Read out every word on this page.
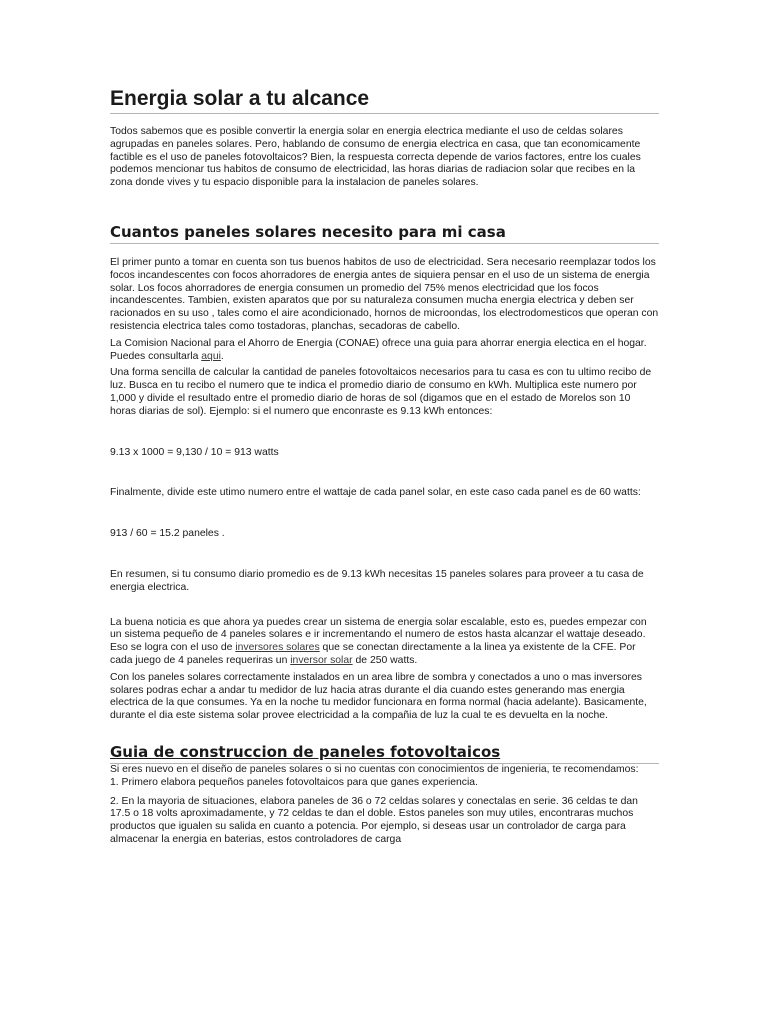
Energia solar a tu alcance

Todos sabemos que es posible convertir la energia solar en energia electrica mediante el uso de celdas solares agrupadas en paneles solares. Pero, hablando de consumo de energia electrica en casa, que tan economicamente factible es el uso de paneles fotovoltaicos? Bien, la respuesta correcta depende de varios factores, entre los cuales podemos mencionar tus habitos de consumo de electricidad, las horas diarias de radiacion solar que recibes en la zona donde vives y tu espacio disponible para la instalacion de paneles solares.

Cuantos paneles solares necesito para mi casa

El primer punto a tomar en cuenta son tus buenos habitos de uso de electricidad. Sera necesario reemplazar todos los focos incandescentes con focos ahorradores de energia antes de siquiera pensar en el uso de un sistema de energia solar. Los focos ahorradores de energia consumen un promedio del 75% menos electricidad que los focos incandescentes. Tambien, existen aparatos que por su naturaleza consumen mucha energia electrica y deben ser racionados en su uso , tales como el aire acondicionado, hornos de microondas, los electrodomesticos que operan con resistencia electrica tales como tostadoras, planchas, secadoras de cabello.

La Comision Nacional para el Ahorro de Energia (CONAE) ofrece una guia para ahorrar energia electica en el hogar. Puedes consultarla aqui.

Una forma sencilla de calcular la cantidad de paneles fotovoltaicos necesarios para tu casa es con tu ultimo recibo de luz. Busca en tu recibo el numero que te indica el promedio diario de consumo en kWh. Multiplica este numero por 1,000 y divide el resultado entre el promedio diario de horas de sol (digamos que en el estado de Morelos son 10 horas diarias de sol). Ejemplo: si el numero que enconraste es 9.13 kWh entonces:

9.13 x 1000 = 9,130 / 10 = 913 watts

Finalmente, divide este utimo numero entre el wattaje de cada panel solar, en este caso cada panel es de 60 watts:

913 / 60 = 15.2 paneles .

En resumen, si tu consumo diario promedio es de 9.13 kWh necesitas 15 paneles solares para proveer a tu casa de energia electrica.

La buena noticia es que ahora ya puedes crear un sistema de energia solar escalable, esto es, puedes empezar con un sistema pequeño de 4 paneles solares e ir incrementando el numero de estos hasta alcanzar el wattaje deseado. Eso se logra con el uso de inversores solares que se conectan directamente a la linea ya existente de la CFE. Por cada juego de 4 paneles requeriras un inversor solar de 250 watts.

Con los paneles solares correctamente instalados en un area libre de sombra y conectados a uno o mas inversores solares podras echar a andar tu medidor de luz hacia atras durante el dia cuando estes generando mas energia electrica de la que consumes. Ya en la noche tu medidor funcionara en forma normal (hacia adelante). Basicamente, durante el dia este sistema solar provee electricidad a la compañia de luz la cual te es devuelta en la noche.

Guia de construccion de paneles fotovoltaicos

Si eres nuevo en el diseño de paneles solares o si no cuentas con conocimientos de ingenieria, te recomendamos:

1. Primero elabora pequeños paneles fotovoltaicos para que ganes experiencia.

2. En la mayoria de situaciones, elabora paneles de 36 o 72 celdas solares y conectalas en serie. 36 celdas te dan 17.5 o 18 volts aproximadamente, y 72 celdas te dan el doble. Estos paneles son muy utiles, encontraras muchos productos que igualen su salida en cuanto a potencia. Por ejemplo, si deseas usar un controlador de carga para almacenar la energia en baterias, estos controladores de carga
